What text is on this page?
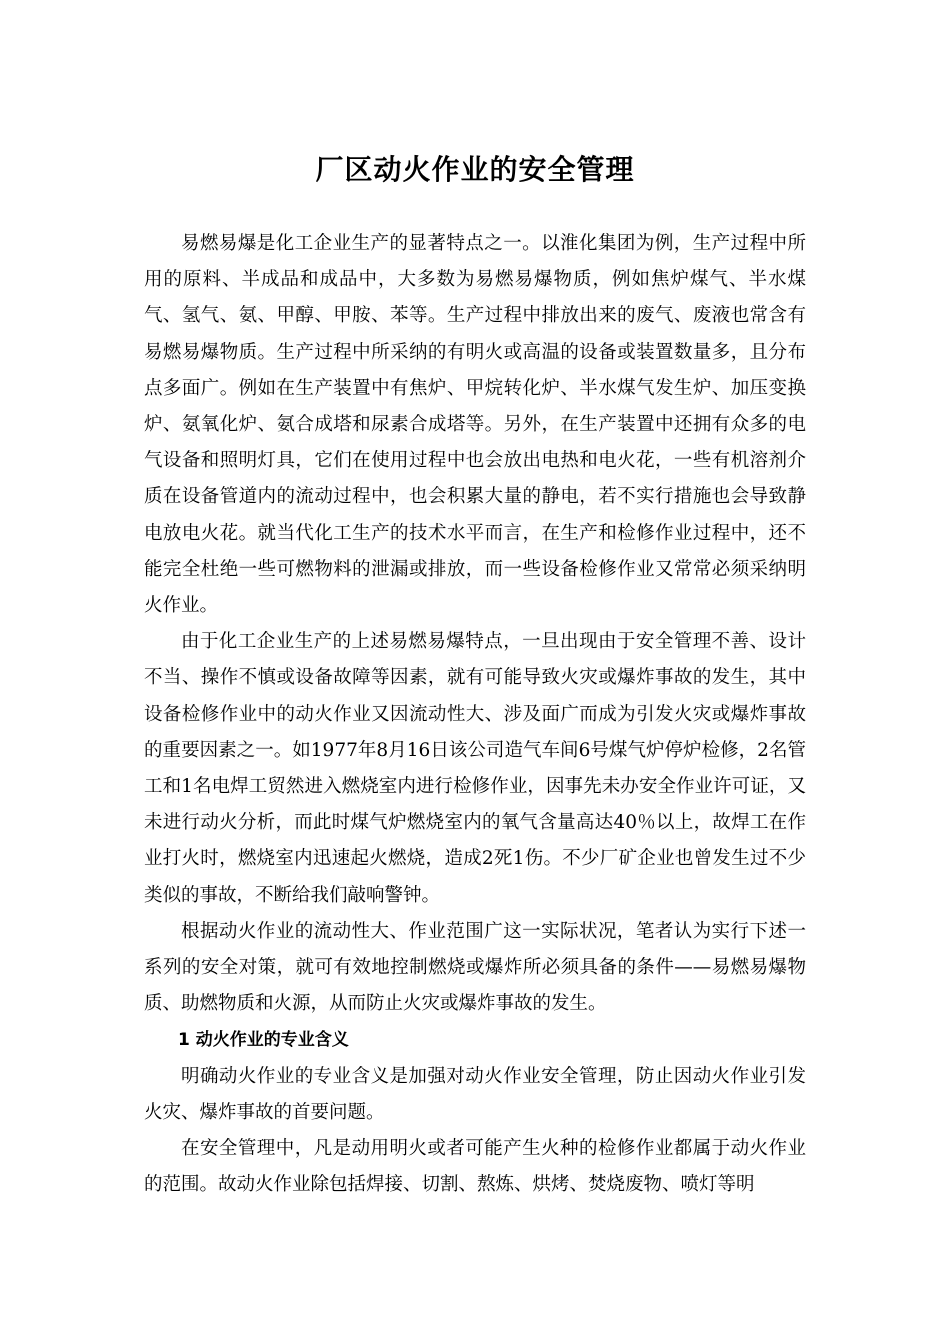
厂区动火作业的安全管理

易燃易爆是化工企业生产的显著特点之一。以淮化集团为例，生产过程中所用的原料、半成品和成品中，大多数为易燃易爆物质，例如焦炉煤气、半水煤气、氢气、氨、甲醇、甲胺、苯等。生产过程中排放出来的废气、废液也常含有易燃易爆物质。生产过程中所采纳的有明火或高温的设备或装置数量多，且分布点多面广。例如在生产装置中有焦炉、甲烷转化炉、半水煤气发生炉、加压变换炉、氨氧化炉、氨合成塔和尿素合成塔等。另外，在生产装置中还拥有众多的电气设备和照明灯具，它们在使用过程中也会放出电热和电火花，一些有机溶剂介质在设备管道内的流动过程中，也会积累大量的静电，若不实行措施也会导致静电放电火花。就当代化工生产的技术水平而言，在生产和检修作业过程中，还不能完全杜绝一些可燃物料的泄漏或排放，而一些设备检修作业又常常必须采纳明火作业。

由于化工企业生产的上述易燃易爆特点，一旦出现由于安全管理不善、设计不当、操作不慎或设备故障等因素，就有可能导致火灾或爆炸事故的发生，其中设备检修作业中的动火作业又因流动性大、涉及面广而成为引发火灾或爆炸事故的重要因素之一。如1977年8月16日该公司造气车间6号煤气炉停炉检修，2名管工和1名电焊工贸然进入燃烧室内进行检修作业，因事先未办安全作业许可证，又未进行动火分析，而此时煤气炉燃烧室内的氧气含量高达40％以上，故焊工在作业打火时，燃烧室内迅速起火燃烧，造成2死1伤。不少厂矿企业也曾发生过不少类似的事故，不断给我们敲响警钟。

根据动火作业的流动性大、作业范围广这一实际状况，笔者认为实行下述一系列的安全对策，就可有效地控制燃烧或爆炸所必须具备的条件——易燃易爆物质、助燃物质和火源，从而防止火灾或爆炸事故的发生。

1 动火作业的专业含义

明确动火作业的专业含义是加强对动火作业安全管理，防止因动火作业引发火灾、爆炸事故的首要问题。

在安全管理中，凡是动用明火或者可能产生火种的检修作业都属于动火作业的范围。故动火作业除包括焊接、切割、熬炼、烘烤、焚烧废物、喷灯等明
